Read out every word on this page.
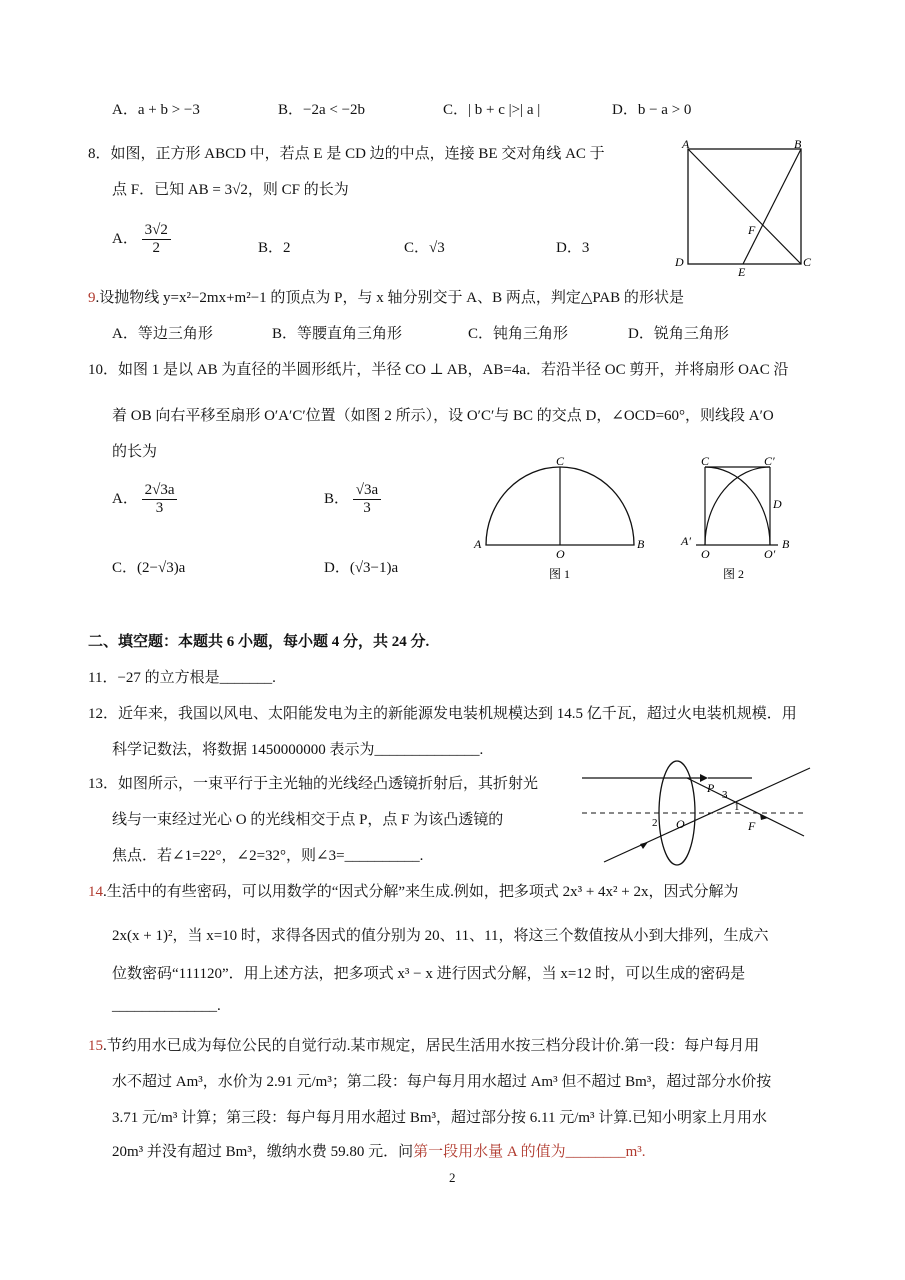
A．a + b > −3	B．−2a < −2b	C．| b + c |>| a |	D．b − a > 0
8．如图，正方形 ABCD 中，若点 E 是 CD 边的中点，连接 BE 交对角线 AC 于
点 F．已知 AB = 3√2，则 CF 的长为
A． $\frac{3√2}{2}$	B．2	C．√3	D．3
A	B
C
D
E
F
9.设抛物线 y=x²−2mx+m²−1 的顶点为 P，与 x 轴分别交于 A、B 两点，判定△PAB 的形状是
A．等边三角形	B．等腰直角三角形	C．钝角三角形	D．锐角三角形
10．如图 1 是以 AB 为直径的半圆形纸片，半径 CO ⊥ AB，AB=4a．若沿半径 OC 剪开，并将扇形 OAC 沿
着 OB 向右平移至扇形 O′A′C′位置（如图 2 所示），设 O′C′与 BC 的交点 D，∠OCD=60°，则线段 A′O
的长为
A． $\frac{2√3a}{3}$	B． $\frac{√3a}{3}$
C．(2−√3)a	D．(√3−1)a
C
A
O
B
图 1
C	C′
D
A′
O	O′
B
图 2
二、填空题：本题共 6 小题，每小题 4 分，共 24 分.
11．−27 的立方根是_______.
12．近年来，我国以风电、太阳能发电为主的新能源发电装机规模达到 14.5 亿千瓦，超过火电装机规模．用
科学记数法，将数据 1450000000 表示为______________.
13．如图所示，一束平行于主光轴的光线经凸透镜折射后，其折射光
线与一束经过光心 O 的光线相交于点 P，点 F 为该凸透镜的
焦点．若∠1=22°，∠2=32°，则∠3=__________.
P
O	F
1
2
3
14.生活中的有些密码，可以用数学的“因式分解”来生成.例如，把多项式 2x³ + 4x² + 2x，因式分解为
2x(x + 1)²，当 x=10 时，求得各因式的值分别为 20、11、11，将这三个数值按从小到大排列，生成六
位数密码“111120”．用上述方法，把多项式 x³ − x 进行因式分解，当 x=12 时，可以生成的密码是
______________.
15.节约用水已成为每位公民的自觉行动.某市规定，居民生活用水按三档分段计价.第一段：每户每月用
水不超过 Am³，水价为 2.91 元/m³；第二段：每户每月用水超过 Am³ 但不超过 Bm³，超过部分水价按
3.71 元/m³ 计算；第三段：每户每月用水超过 Bm³，超过部分按 6.11 元/m³ 计算.已知小明家上月用水
20m³ 并没有超过 Bm³，缴纳水费 59.80 元．问第一段用水量 A 的值为________m³.
2
